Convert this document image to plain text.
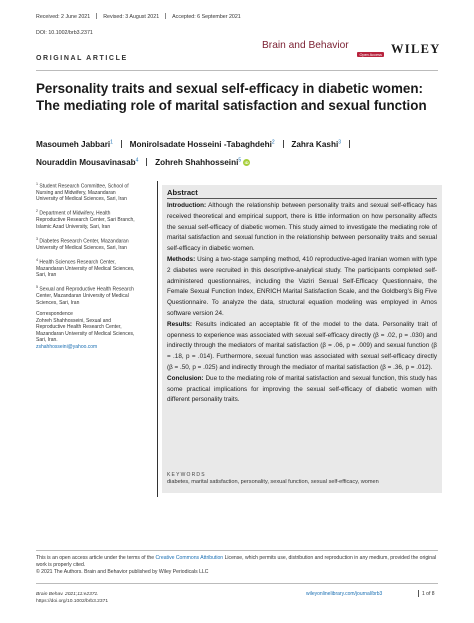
Received: 2 June 2021 Revised: 3 August 2021 Accepted: 6 September 2021
DOI: 10.1002/brb3.2371
Brain and Behavior
Open Access WILEY
ORIGINAL ARTICLE
Personality traits and sexual self-efficacy in diabetic women: The mediating role of marital satisfaction and sexual function
Masoumeh Jabbari$^1$ Monirolsadate Hosseini -Tabaghdehi$^2$ Zahra Kashi$^3$
Nouraddin Mousavinasab$^4$ Zohreh Shahhosseini$^5$ iD

$^1$ Student Research Committee, School of Nursing and Midwifery, Mazandaran University of Medical Sciences, Sari, Iran

$^2$ Department of Midwifery, Health Reproductive Research Center, Sari Branch, Islamic Azad University, Sari, Iran

$^3$ Diabetes Research Center, Mazandaran University of Medical Sciences, Sari, Iran

$^4$ Health Sciences Research Center, Mazandaran University of Medical Sciences, Sari, Iran

$^5$ Sexual and Reproductive Health Research Center, Mazandaran University of Medical Sciences, Sari, Iran

Correspondence
Zohreh Shahhosseini, Sexual and Reproductive Health Research Center, Mazandaran University of Medical Sciences, Sari, Iran.
zshahhosseini@yahoo.com

Abstract

Introduction: Although the relationship between personality traits and sexual self-efficacy has received theoretical and empirical support, there is little information on how personality affects the sexual self-efficacy of diabetic women. This study aimed to investigate the mediating role of marital satisfaction and sexual function in the relationship between personality traits and sexual self-efficacy in diabetic women.

Methods: Using a two-stage sampling method, 410 reproductive-aged Iranian women with type 2 diabetes were recruited in this descriptive-analytical study. The participants completed self-administered questionnaires, including the Vaziri Sexual Self-Efficacy Questionnaire, the Female Sexual Function Index, ENRICH Marital Satisfaction Scale, and the Goldberg’s Big Five Questionnaire. To analyze the data, structural equation modeling was employed in Amos software version 24.

Results: Results indicated an acceptable fit of the model to the data. Personality trait of openness to experience was associated with sexual self-efficacy directly (β = .02, p = .030) and indirectly through the mediators of marital satisfaction (β = .06, p = .009) and sexual function (β = .18, p = .014). Furthermore, sexual function was associated with sexual self-efficacy directly (β = .50, p = .025) and indirectly through the mediator of marital satisfaction (β = .36, p = .012).

Conclusion: Due to the mediating role of marital satisfaction and sexual function, this study has some practical implications for improving the sexual self-efficacy of diabetic women with different personality traits.

KEYWORDS
diabetes, marital satisfaction, personality, sexual function, sexual self-efficacy, women
This is an open access article under the terms of the Creative Commons Attribution License, which permits use, distribution and reproduction in any medium, provided the original work is properly cited.
© 2021 The Authors. Brain and Behavior published by Wiley Periodicals LLC
Brain Behav. 2021;11:e2371.
https://doi.org/10.1002/brb3.2371
wileyonlinelibrary.com/journal/brb3	1 of 8
